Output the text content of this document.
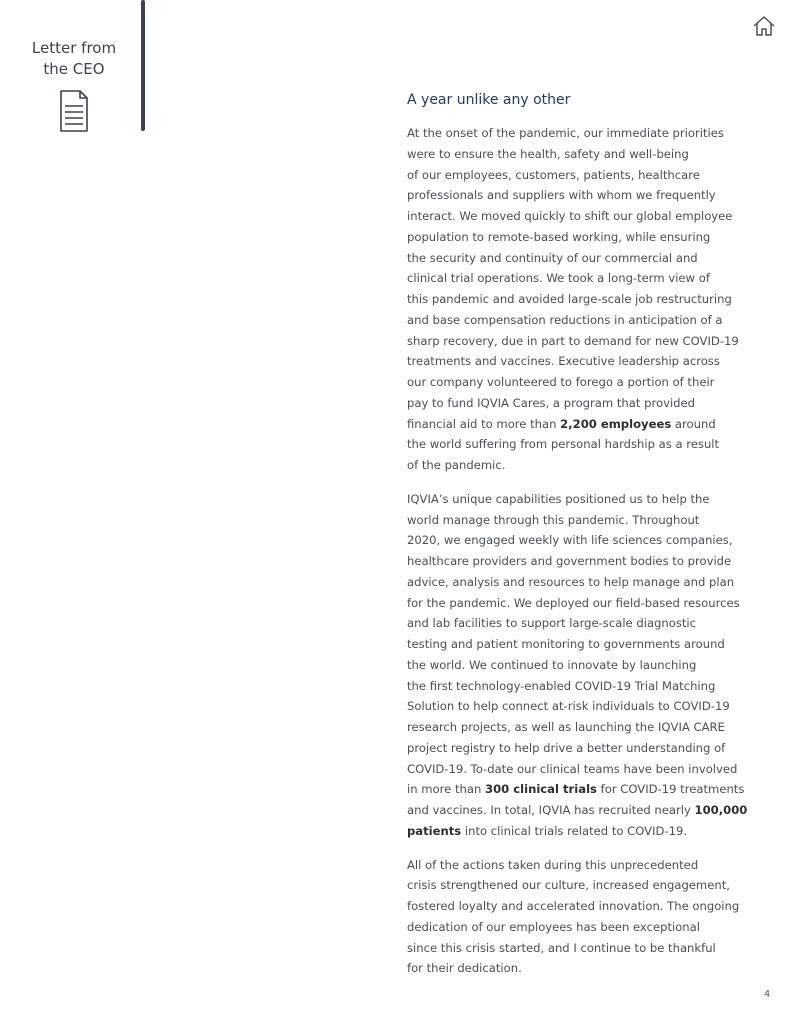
Letter from
the CEO
A year unlike any other
At the onset of the pandemic, our immediate priorities
were to ensure the health, safety and well-being
of our employees, customers, patients, healthcare
professionals and suppliers with whom we frequently
interact. We moved quickly to shift our global employee
population to remote-based working, while ensuring
the security and continuity of our commercial and
clinical trial operations. We took a long-term view of
this pandemic and avoided large-scale job restructuring
and base compensation reductions in anticipation of a
sharp recovery, due in part to demand for new COVID-19
treatments and vaccines. Executive leadership across
our company volunteered to forego a portion of their
pay to fund IQVIA Cares, a program that provided
financial aid to more than 2,200 employees around
the world suffering from personal hardship as a result
of the pandemic.
IQVIA’s unique capabilities positioned us to help the
world manage through this pandemic. Throughout
2020, we engaged weekly with life sciences companies,
healthcare providers and government bodies to provide
advice, analysis and resources to help manage and plan
for the pandemic. We deployed our field-based resources
and lab facilities to support large-scale diagnostic
testing and patient monitoring to governments around
the world. We continued to innovate by launching
the first technology-enabled COVID-19 Trial Matching
Solution to help connect at-risk individuals to COVID-19
research projects, as well as launching the IQVIA CARE
project registry to help drive a better understanding of
COVID-19. To-date our clinical teams have been involved
in more than 300 clinical trials for COVID-19 treatments
and vaccines. In total, IQVIA has recruited nearly 100,000
patients into clinical trials related to COVID-19.
All of the actions taken during this unprecedented
crisis strengthened our culture, increased engagement,
fostered loyalty and accelerated innovation. The ongoing
dedication of our employees has been exceptional
since this crisis started, and I continue to be thankful
for their dedication.
4
